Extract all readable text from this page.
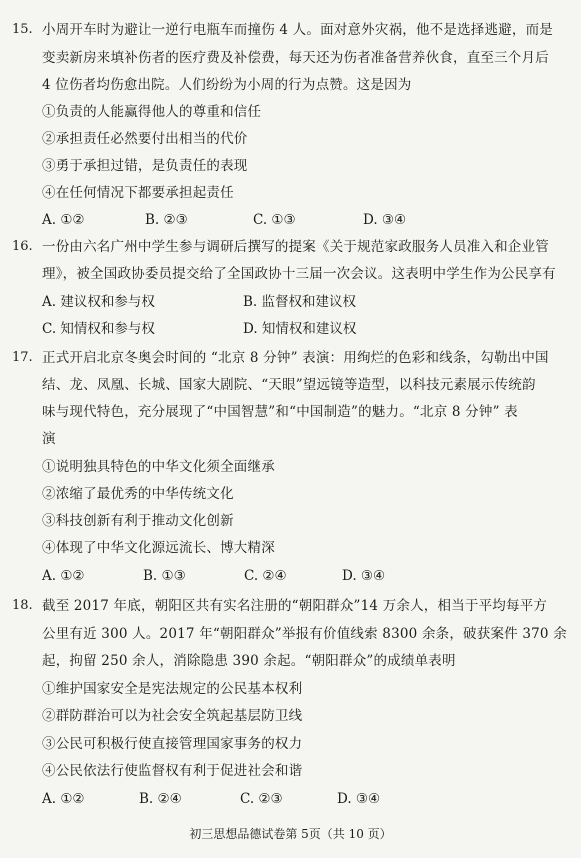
15. 小周开车时为避让一逆行电瓶车而撞伤 4 人。面对意外灾祸，他不是选择逃避，而是
变卖新房来填补伤者的医疗费及补偿费，每天还为伤者准备营养伙食，直至三个月后
4 位伤者均伤愈出院。人们纷纷为小周的行为点赞。这是因为
①负责的人能赢得他人的尊重和信任
②承担责任必然要付出相当的代价
③勇于承担过错，是负责任的表现
④在任何情况下都要承担起责任
A. ①②	B. ②③	C. ①③	D. ③④
16. 一份由六名广州中学生参与调研后撰写的提案《关于规范家政服务人员准入和企业管
理》，被全国政协委员提交给了全国政协十三届一次会议。这表明中学生作为公民享有
A. 建议权和参与权	B. 监督权和建议权
C. 知情权和参与权	D. 知情权和建议权
17. 正式开启北京冬奥会时间的 “北京 8 分钟” 表演：用绚烂的色彩和线条，勾勒出中国
结、龙、凤凰、长城、国家大剧院、“天眼”望远镜等造型，以科技元素展示传统韵
味与现代特色，充分展现了“中国智慧”和“中国制造”的魅力。“北京 8 分钟” 表
演
①说明独具特色的中华文化须全面继承
②浓缩了最优秀的中华传统文化
③科技创新有利于推动文化创新
④体现了中华文化源远流长、博大精深
A. ①②	B. ①③	C. ②④	D. ③④
18. 截至 2017 年底，朝阳区共有实名注册的“朝阳群众”14 万余人，相当于平均每平方
公里有近 300 人。2017 年“朝阳群众”举报有价值线索 8300 余条，破获案件 370 余
起，拘留 250 余人，消除隐患 390 余起。“朝阳群众”的成绩单表明
①维护国家安全是宪法规定的公民基本权利
②群防群治可以为社会安全筑起基层防卫线
③公民可积极行使直接管理国家事务的权力
④公民依法行使监督权有利于促进社会和谐
A. ①②	B. ②④	C. ②③	D. ③④
初三思想品德试卷第 5页（共 10 页）
